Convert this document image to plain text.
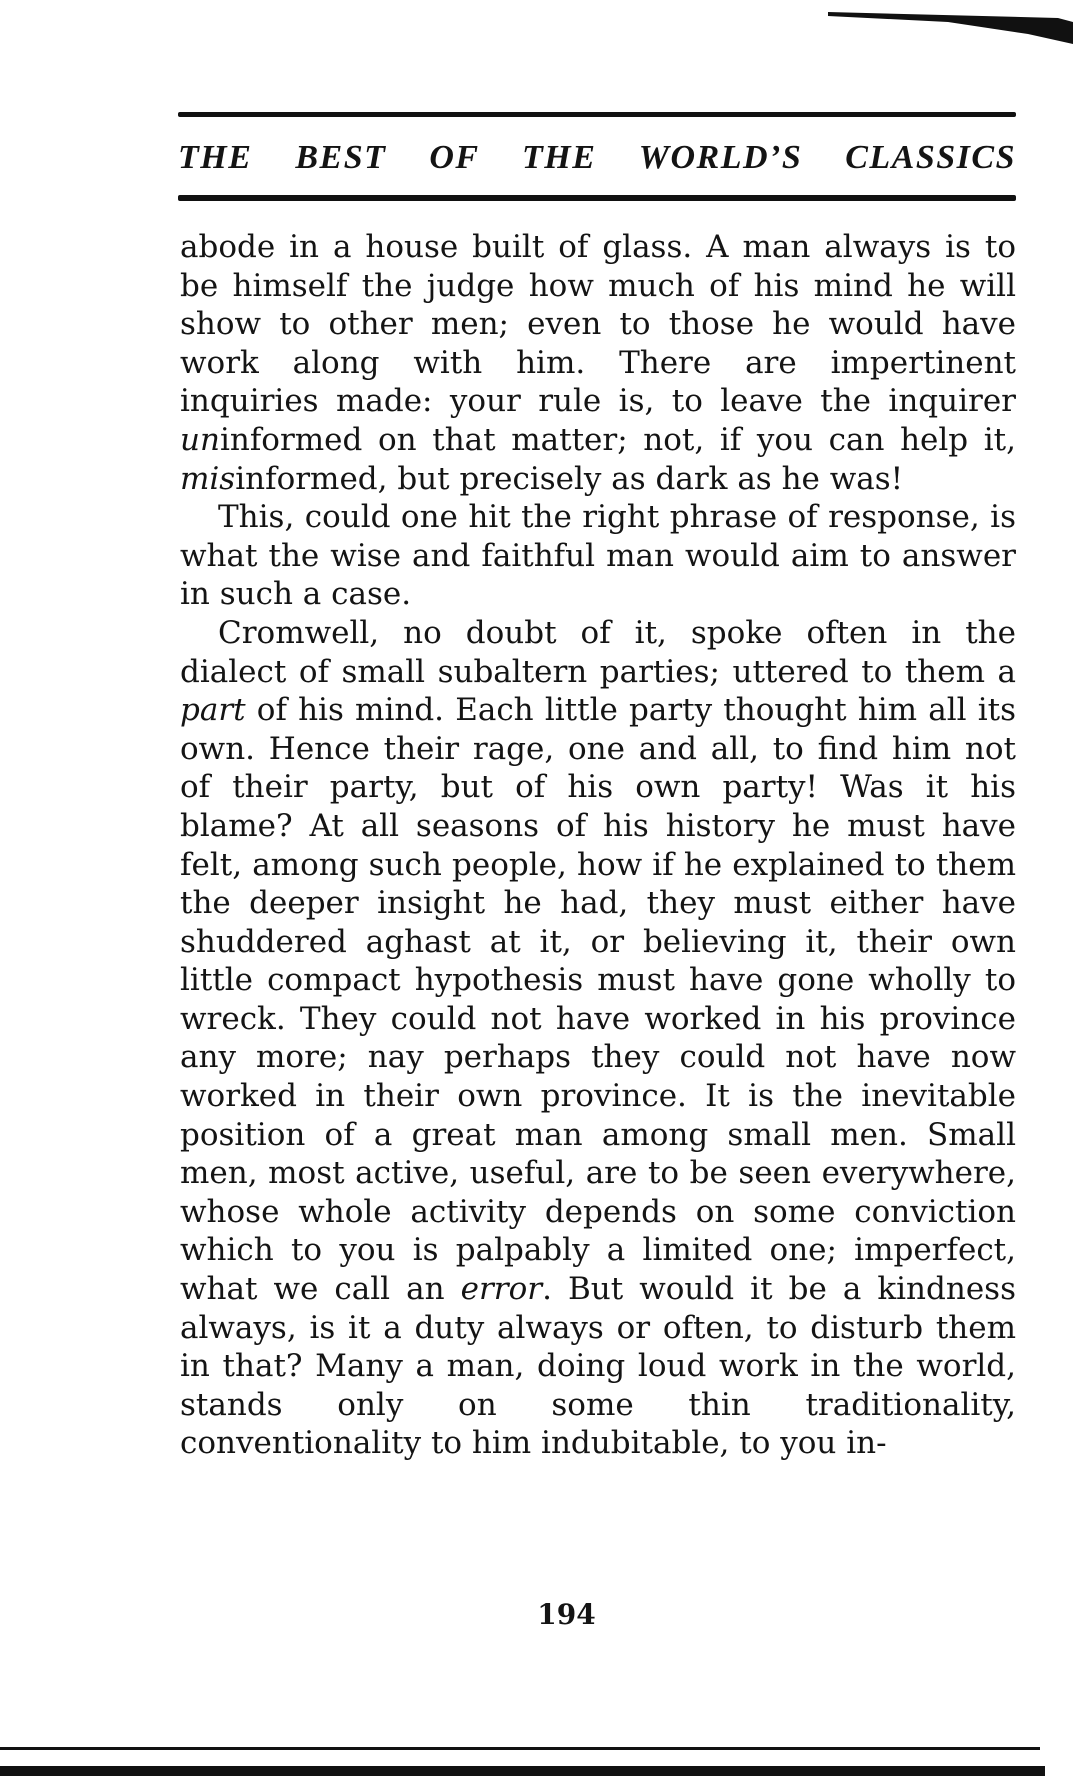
THE BEST OF THE WORLD’S CLASSICS

abode in a house built of glass. A man always is to be himself the judge how much of his mind he will show to other men; even to those he would have work along with him. There are impertinent inquiries made: your rule is, to leave the inquirer uninformed on that matter; not, if you can help it, misinformed, but precisely as dark as he was!

This, could one hit the right phrase of response, is what the wise and faithful man would aim to answer in such a case.

Cromwell, no doubt of it, spoke often in the dialect of small subaltern parties; uttered to them a part of his mind. Each little party thought him all its own. Hence their rage, one and all, to find him not of their party, but of his own party! Was it his blame? At all seasons of his history he must have felt, among such people, how if he explained to them the deeper insight he had, they must either have shuddered aghast at it, or believing it, their own little compact hypothesis must have gone wholly to wreck. They could not have worked in his province any more; nay perhaps they could not have now worked in their own province. It is the inevitable position of a great man among small men. Small men, most active, useful, are to be seen everywhere, whose whole activity depends on some conviction which to you is palpably a limited one; imperfect, what we call an error. But would it be a kindness always, is it a duty always or often, to disturb them in that? Many a man, doing loud work in the world, stands only on some thin traditionality, conventionality to him indubitable, to you in-

194
